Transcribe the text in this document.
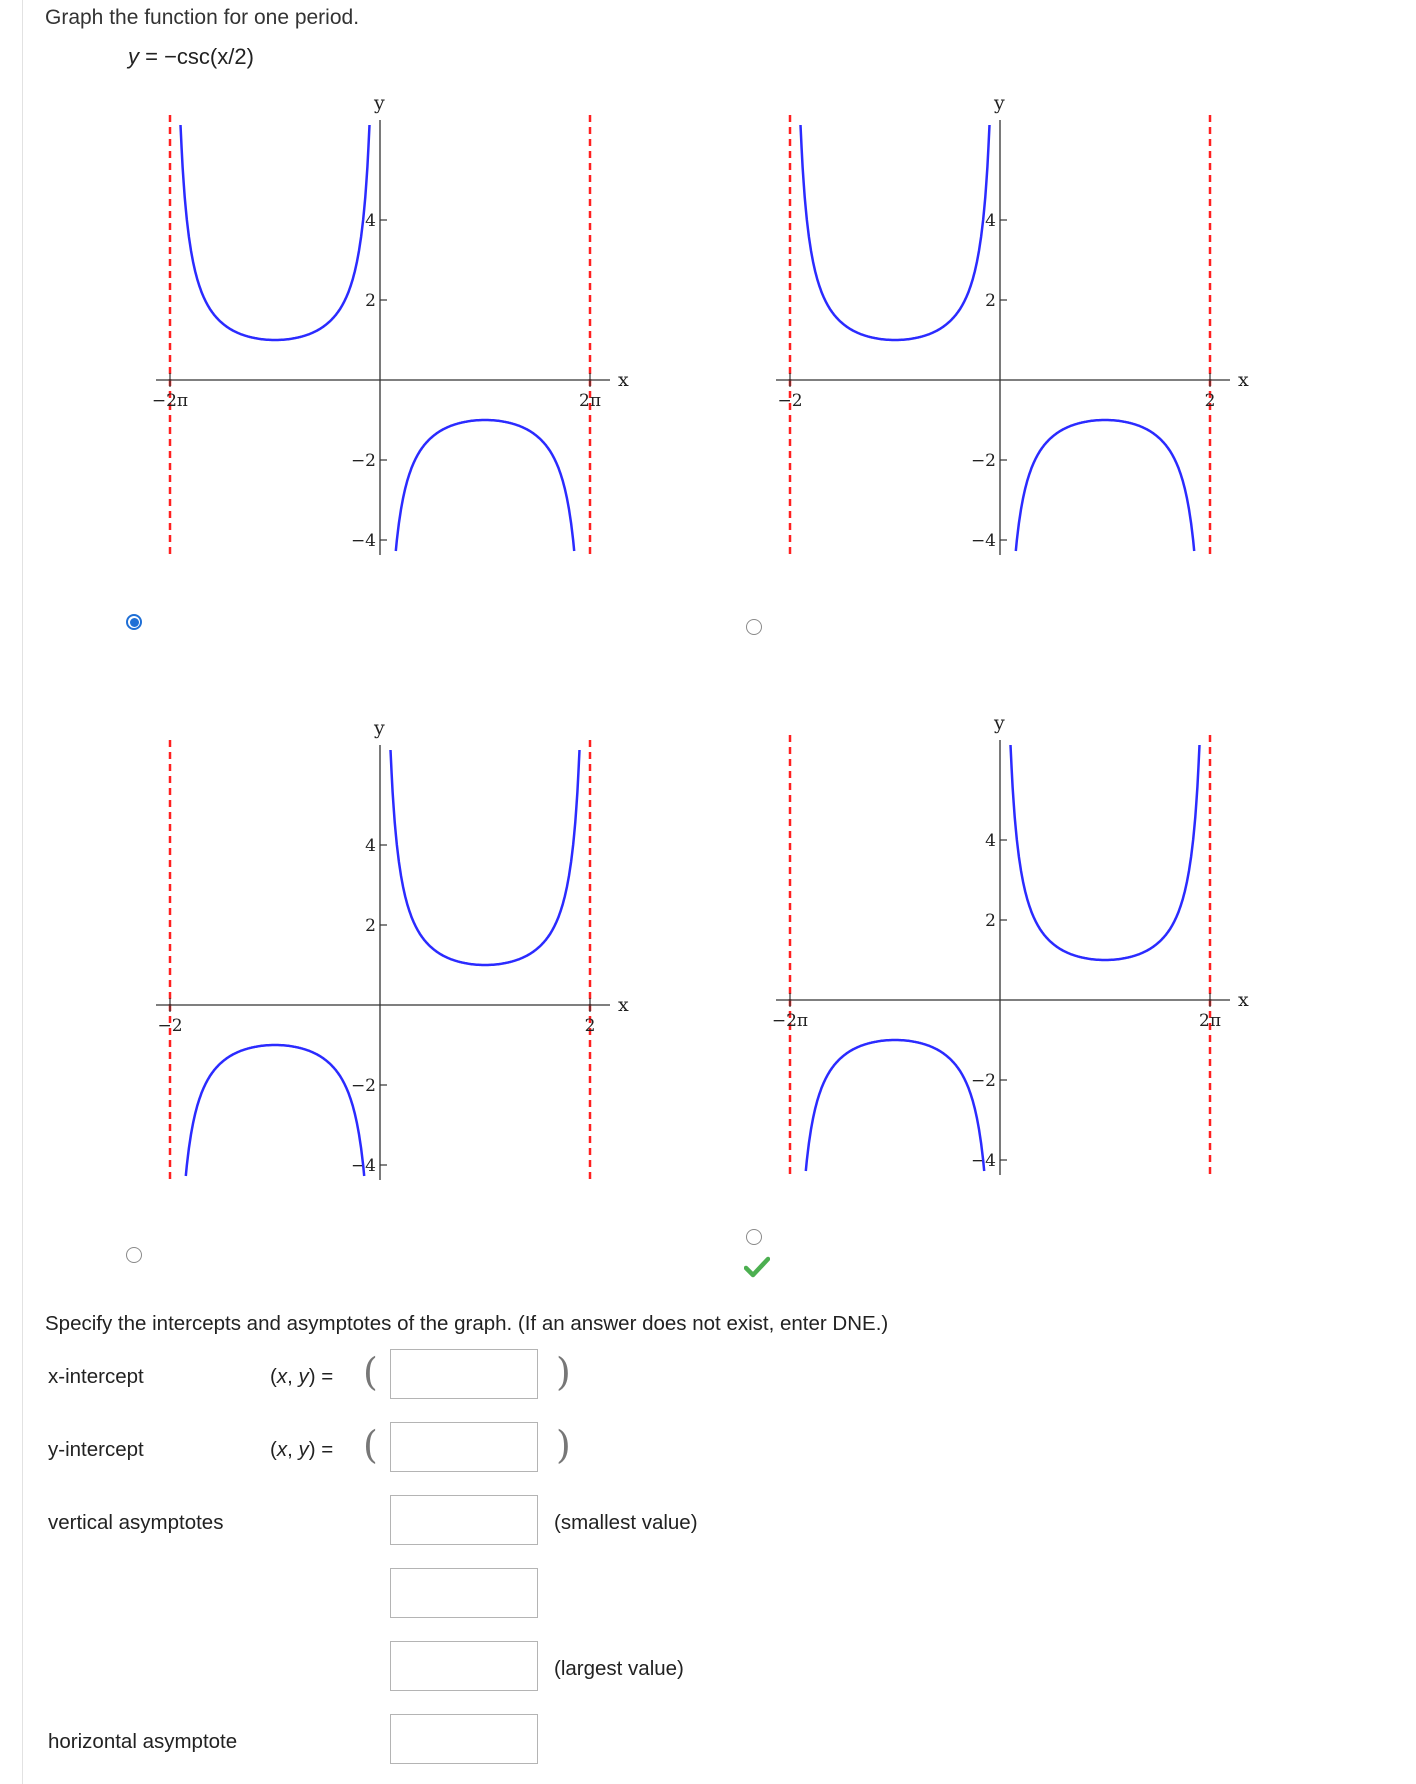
Graph the function for one period.
y = −csc(x/2)
x
y
4
2
−2
−4
−2π	2π
x
y
4
2
−2
−4
−2	2
x
y
4
2
−2
−4
−2	2
x
y
4
2
−2
−4
−2π	2π
Specify the intercepts and asymptotes of the graph. (If an answer does not exist, enter DNE.)
x-intercept	(x, y) = (	)
y-intercept	(x, y) = (	)
vertical asymptotes	(smallest value)
(largest value)
horizontal asymptote
